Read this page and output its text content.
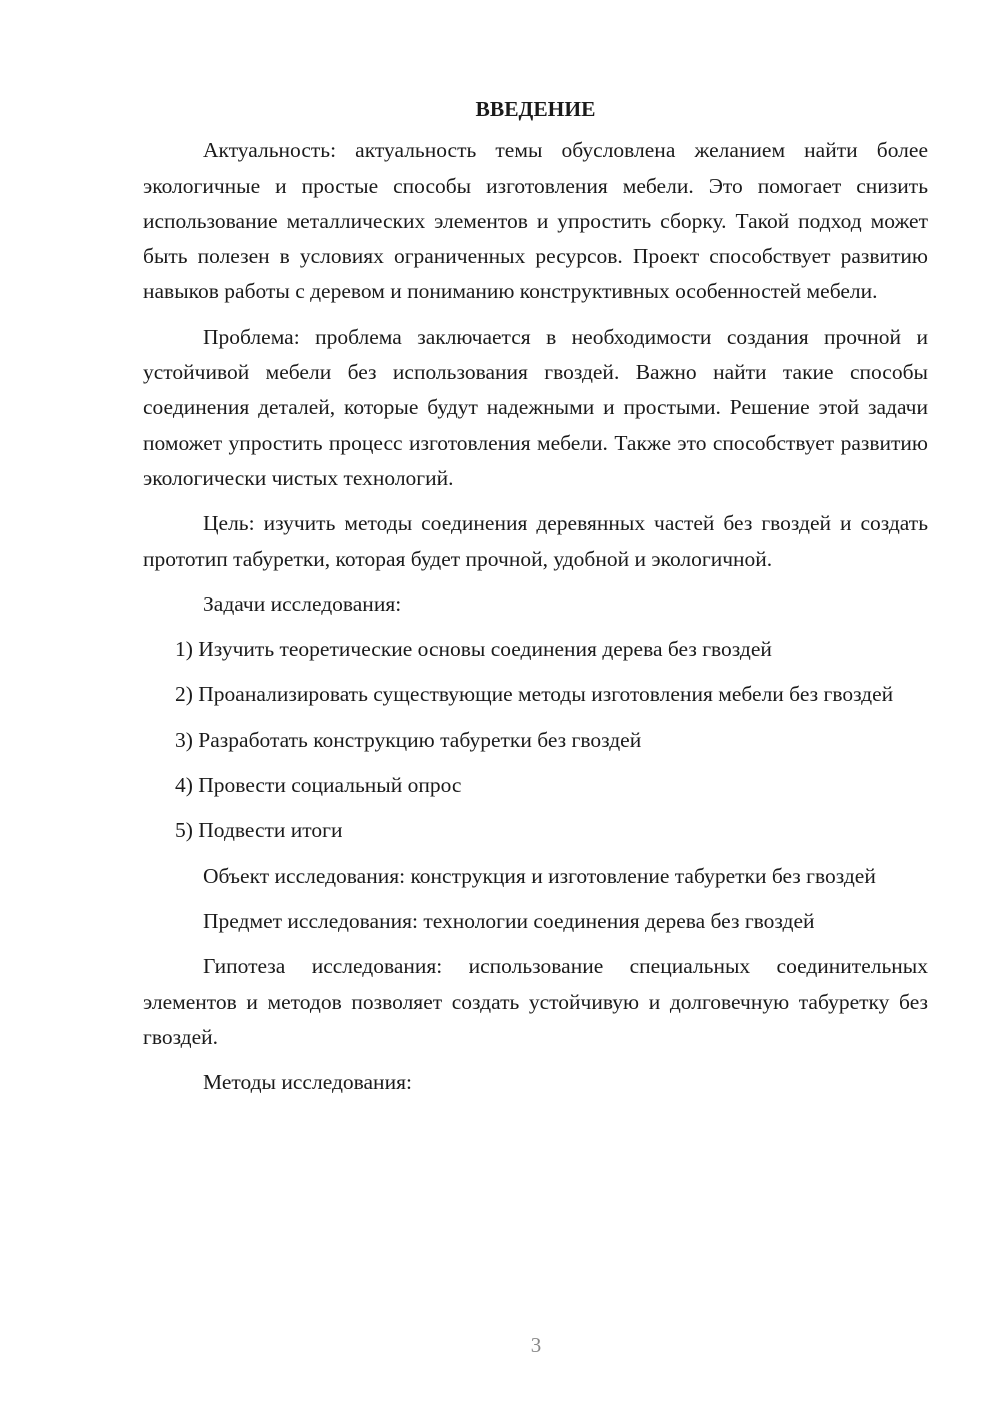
ВВЕДЕНИЕ

Актуальность: актуальность темы обусловлена желанием найти более экологичные и простые способы изготовления мебели. Это помогает снизить использование металлических элементов и упростить сборку. Такой подход может быть полезен в условиях ограниченных ресурсов. Проект способствует развитию навыков работы с деревом и пониманию конструктивных особенностей мебели.

Проблема: проблема заключается в необходимости создания прочной и устойчивой мебели без использования гвоздей. Важно найти такие способы соединения деталей, которые будут надежными и простыми. Решение этой задачи поможет упростить процесс изготовления мебели. Также это способствует развитию экологически чистых технологий.

Цель: изучить методы соединения деревянных частей без гвоздей и создать прототип табуретки, которая будет прочной, удобной и экологичной.

Задачи исследования:

1) Изучить теоретические основы соединения дерева без гвоздей

2) Проанализировать существующие методы изготовления мебели без гвоздей

3) Разработать конструкцию табуретки без гвоздей

4) Провести социальный опрос

5) Подвести итоги

Объект исследования: конструкция и изготовление табуретки без гвоздей

Предмет исследования: технологии соединения дерева без гвоздей

Гипотеза исследования: использование специальных соединительных элементов и методов позволяет создать устойчивую и долговечную табуретку без гвоздей.

Методы исследования:

3
